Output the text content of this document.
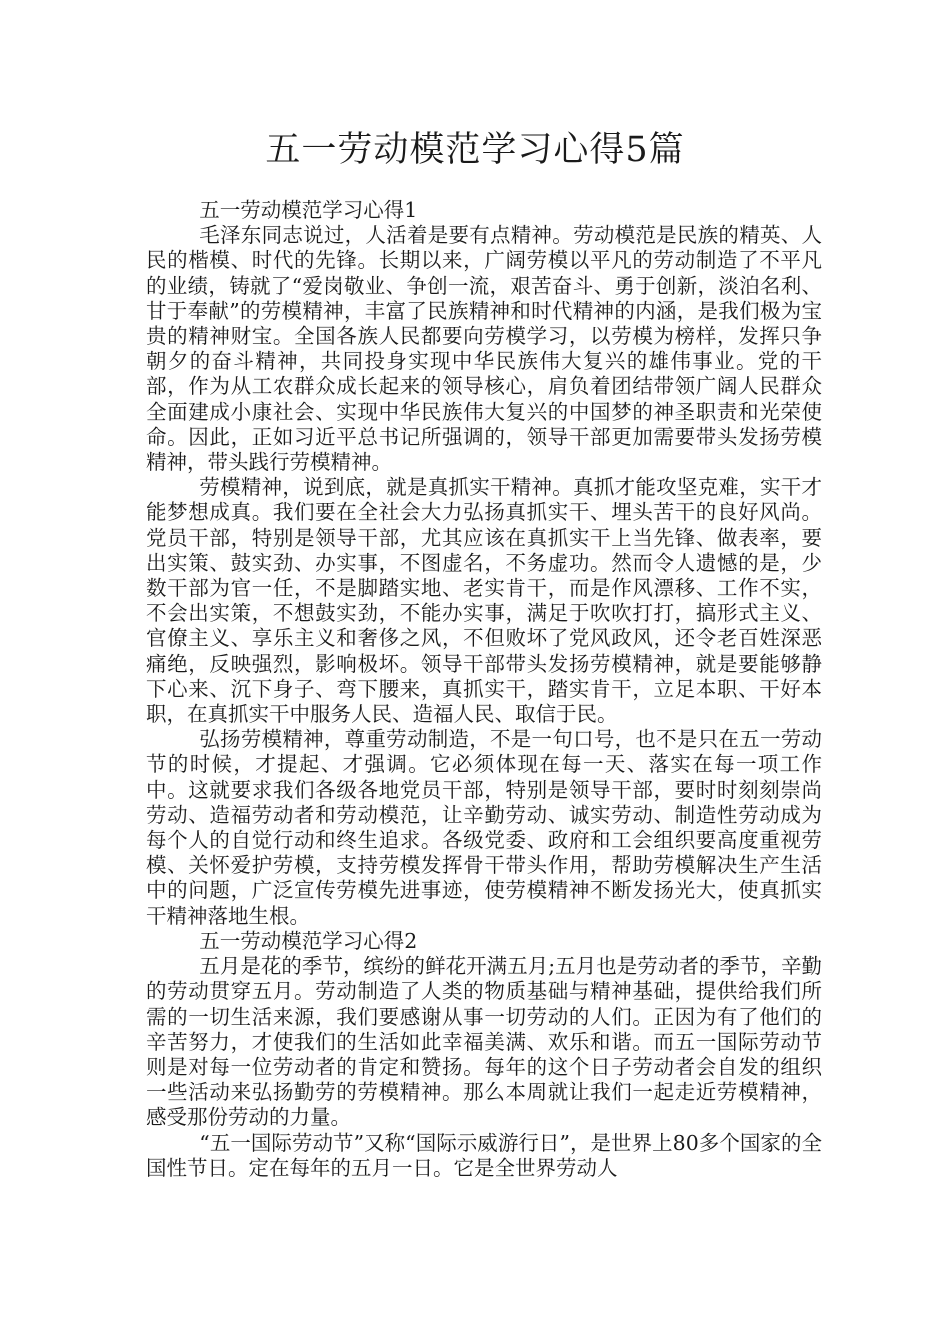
五一劳动模范学习心得5篇

五一劳动模范学习心得1

毛泽东同志说过，人活着是要有点精神。劳动模范是民族的精英、人民的楷模、时代的先锋。长期以来，广阔劳模以平凡的劳动制造了不平凡的业绩，铸就了“爱岗敬业、争创一流，艰苦奋斗、勇于创新，淡泊名利、甘于奉献”的劳模精神，丰富了民族精神和时代精神的内涵，是我们极为宝贵的精神财宝。全国各族人民都要向劳模学习，以劳模为榜样，发挥只争朝夕的奋斗精神，共同投身实现中华民族伟大复兴的雄伟事业。党的干部，作为从工农群众成长起来的领导核心，肩负着团结带领广阔人民群众全面建成小康社会、实现中华民族伟大复兴的中国梦的神圣职责和光荣使命。因此，正如习近平总书记所强调的，领导干部更加需要带头发扬劳模精神，带头践行劳模精神。

劳模精神，说到底，就是真抓实干精神。真抓才能攻坚克难，实干才能梦想成真。我们要在全社会大力弘扬真抓实干、埋头苦干的良好风尚。党员干部，特别是领导干部，尤其应该在真抓实干上当先锋、做表率，要出实策、鼓实劲、办实事，不图虚名，不务虚功。然而令人遗憾的是，少数干部为官一任，不是脚踏实地、老实肯干，而是作风漂移、工作不实，不会出实策，不想鼓实劲，不能办实事，满足于吹吹打打，搞形式主义、官僚主义、享乐主义和奢侈之风，不但败坏了党风政风，还令老百姓深恶痛绝，反映强烈，影响极坏。领导干部带头发扬劳模精神，就是要能够静下心来、沉下身子、弯下腰来，真抓实干，踏实肯干，立足本职、干好本职，在真抓实干中服务人民、造福人民、取信于民。

弘扬劳模精神，尊重劳动制造，不是一句口号，也不是只在五一劳动节的时候，才提起、才强调。它必须体现在每一天、落实在每一项工作中。这就要求我们各级各地党员干部，特别是领导干部，要时时刻刻崇尚劳动、造福劳动者和劳动模范，让辛勤劳动、诚实劳动、制造性劳动成为每个人的自觉行动和终生追求。各级党委、政府和工会组织要高度重视劳模、关怀爱护劳模，支持劳模发挥骨干带头作用，帮助劳模解决生产生活中的问题，广泛宣传劳模先进事迹，使劳模精神不断发扬光大，使真抓实干精神落地生根。

五一劳动模范学习心得2

五月是花的季节，缤纷的鲜花开满五月;五月也是劳动者的季节，辛勤的劳动贯穿五月。劳动制造了人类的物质基础与精神基础，提供给我们所需的一切生活来源，我们要感谢从事一切劳动的人们。正因为有了他们的辛苦努力，才使我们的生活如此幸福美满、欢乐和谐。而五一国际劳动节则是对每一位劳动者的肯定和赞扬。每年的这个日子劳动者会自发的组织一些活动来弘扬勤劳的劳模精神。那么本周就让我们一起走近劳模精神，感受那份劳动的力量。

“五一国际劳动节”又称“国际示威游行日”，是世界上80多个国家的全国性节日。定在每年的五月一日。它是全世界劳动人
